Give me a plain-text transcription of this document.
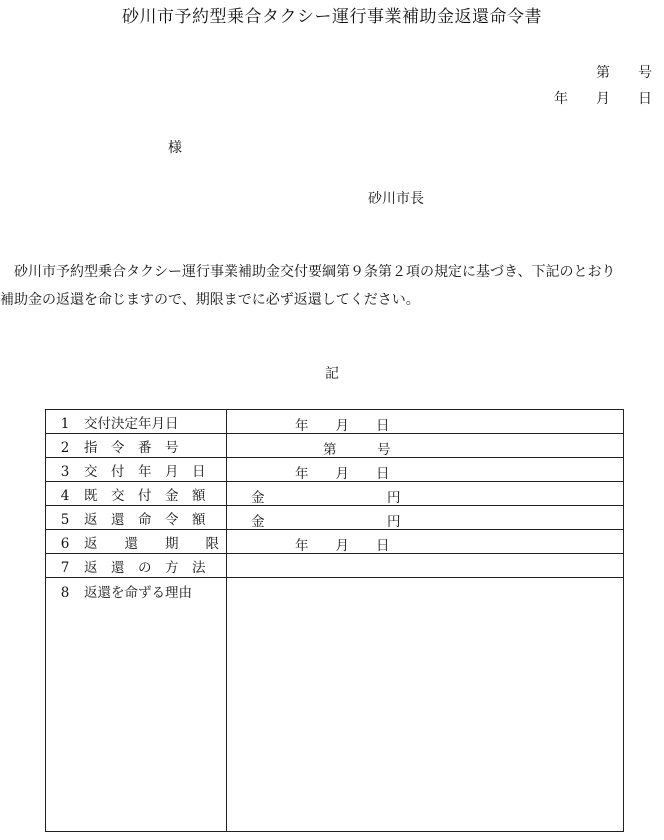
砂川市予約型乗合タクシー運行事業補助金返還命令書
第　　号
年　　月　　日
様
砂川市長
砂川市予約型乗合タクシー運行事業補助金交付要綱第９条第２項の規定に基づき、下記のとおり
補助金の返還を命じますので、期限までに必ず返還してください。
記
1 交付決定年月日	年　　月　　日

2 指　令　番　号	第　　　号

3 交　付　年　月　日	年　　月　　日

4 既　交　付　金　額	金 円

5 返　還　命　令　額	金 円

6 返　　還　　期　　限	年　　月　　日

7 返　還　の　方　法	

8 返還を命ずる理由	
